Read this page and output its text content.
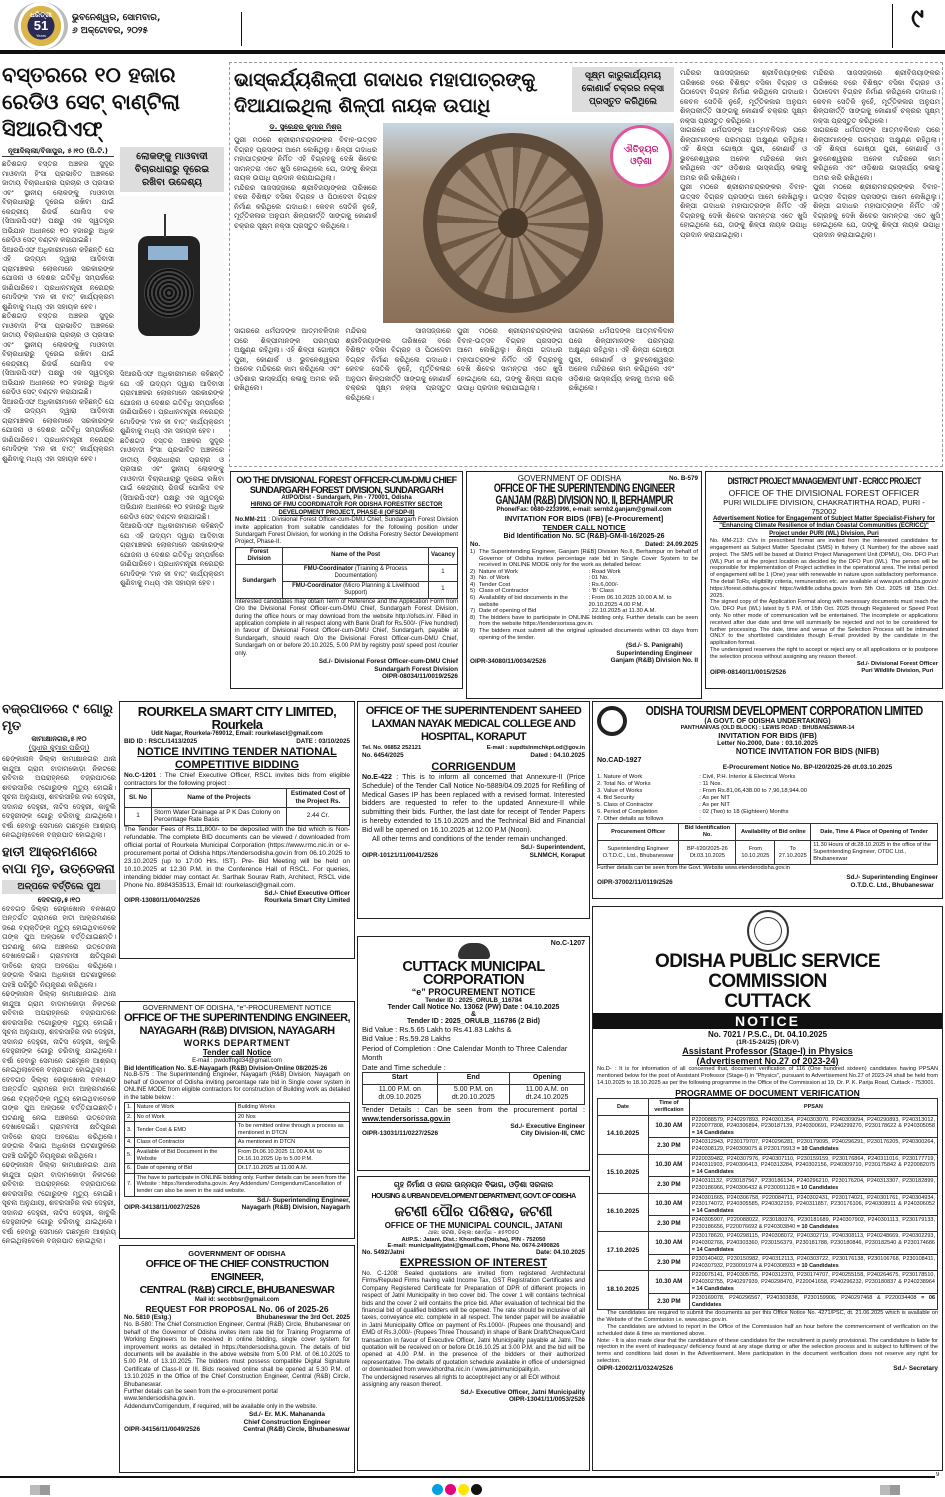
ଧରିତ୍ରୀ
51
Years
ଭୁବନେଶ୍ୱର, ସୋମବାର,
୬ ଅକ୍ଟୋବର, ୨୦୨୫	୯
ବସ୍ତରରେ ୧୦ ହଜାର ରେଡିଓ ସେଟ୍ ବାଣ୍ଟିଲା ସିଆରପିଏଫ୍
ନୂଆଦିଲ୍ଲୀ/ବିଜାପୁର, ୫।୧୦ (ପି.ଟି.)

ଛତିଶଗଡ଼ ବସ୍ତର ଅଞ୍ଚଳର ସୁଦୂର ମାଓବାଦୀ ହିଂସା ପ୍ରଭାବିତ ଅଞ୍ଚଳରେ ଜାତୀୟ ବିଚାରଧାରାର ପ୍ରଚାର ଓ ପ୍ରସାର ଏବଂ ସ୍ଥାନୀୟ ଲୋକଙ୍କୁ ମାଓବାଦୀ ବିଚାରଧାରାରୁ ଦୂରେଇ ରଖିବା ପାଇଁ କେନ୍ଦ୍ରୀୟ ରିଜର୍ଭ ପୋଲିସ ବଳ (ସିଆରପିଏଫ) ପକ୍ଷରୁ ଏକ ସ୍ୱତନ୍ତ୍ର ଅଭିଯାନ ଅଧୀନରେ ୧୦ ହଜାରରୁ ଅଧିକ ରେଡିଓ ସେଟ୍ ବଣ୍ଟନ କରାଯାଇଛି।

ସିଆରପିଏଫ ଅଧିକାରୀମାନେ କହିଛନ୍ତି ଯେ ଏହି ଉଦ୍ୟମ ଦ୍ୱାରା ଆଦିବାସୀ ଗ୍ରାମାଞ୍ଚଳର ଲୋକମାନେ ସରକାରଙ୍କ ଯୋଜନା ଓ ଦେଶର ଗତିବିଧି ସମ୍ପର୍କରେ ଜାଣିପାରିବେ। ପ୍ରଧାନମନ୍ତ୍ରୀ ନରେନ୍ଦ୍ର ମୋଦିଙ୍କ 'ମନ କୀ ବାତ୍' କାର୍ଯ୍ୟକ୍ରମ ଶୁଣିବାକୁ ମଧ୍ୟ ଏହା ସହାୟକ ହେବ।

ଛତିଶଗଡ଼ ବସ୍ତର ଅଞ୍ଚଳର ସୁଦୂର ମାଓବାଦୀ ହିଂସା ପ୍ରଭାବିତ ଅଞ୍ଚଳରେ ଜାତୀୟ ବିଚାରଧାରାର ପ୍ରଚାର ଓ ପ୍ରସାର ଏବଂ ସ୍ଥାନୀୟ ଲୋକଙ୍କୁ ମାଓବାଦୀ ବିଚାରଧାରାରୁ ଦୂରେଇ ରଖିବା ପାଇଁ କେନ୍ଦ୍ରୀୟ ରିଜର୍ଭ ପୋଲିସ ବଳ (ସିଆରପିଏଫ) ପକ୍ଷରୁ ଏକ ସ୍ୱତନ୍ତ୍ର ଅଭିଯାନ ଅଧୀନରେ ୧୦ ହଜାରରୁ ଅଧିକ ରେଡିଓ ସେଟ୍ ବଣ୍ଟନ କରାଯାଇଛି।

ସିଆରପିଏଫ ଅଧିକାରୀମାନେ କହିଛନ୍ତି ଯେ ଏହି ଉଦ୍ୟମ ଦ୍ୱାରା ଆଦିବାସୀ ଗ୍ରାମାଞ୍ଚଳର ଲୋକମାନେ ସରକାରଙ୍କ ଯୋଜନା ଓ ଦେଶର ଗତିବିଧି ସମ୍ପର୍କରେ ଜାଣିପାରିବେ। ପ୍ରଧାନମନ୍ତ୍ରୀ ନରେନ୍ଦ୍ର ମୋଦିଙ୍କ 'ମନ କୀ ବାତ୍' କାର୍ଯ୍ୟକ୍ରମ ଶୁଣିବାକୁ ମଧ୍ୟ ଏହା ସହାୟକ ହେବ।

ଲୋକଙ୍କୁ ମାଓବାଦୀ ବିଚାରଧାରାରୁ ଦୂରେଇ ରଖିବା ଉଦ୍ଦେଶ୍ୟ

ସିଆରପିଏଫ ଅଧିକାରୀମାନେ କହିଛନ୍ତି ଯେ ଏହି ଉଦ୍ୟମ ଦ୍ୱାରା ଆଦିବାସୀ ଗ୍ରାମାଞ୍ଚଳର ଲୋକମାନେ ସରକାରଙ୍କ ଯୋଜନା ଓ ଦେଶର ଗତିବିଧି ସମ୍ପର୍କରେ ଜାଣିପାରିବେ। ପ୍ରଧାନମନ୍ତ୍ରୀ ନରେନ୍ଦ୍ର ମୋଦିଙ୍କ 'ମନ କୀ ବାତ୍' କାର୍ଯ୍ୟକ୍ରମ ଶୁଣିବାକୁ ମଧ୍ୟ ଏହା ସହାୟକ ହେବ।

ଛତିଶଗଡ଼ ବସ୍ତର ଅଞ୍ଚଳର ସୁଦୂର ମାଓବାଦୀ ହିଂସା ପ୍ରଭାବିତ ଅଞ୍ଚଳରେ ଜାତୀୟ ବିଚାରଧାରାର ପ୍ରଚାର ଓ ପ୍ରସାର ଏବଂ ସ୍ଥାନୀୟ ଲୋକଙ୍କୁ ମାଓବାଦୀ ବିଚାରଧାରାରୁ ଦୂରେଇ ରଖିବା ପାଇଁ କେନ୍ଦ୍ରୀୟ ରିଜର୍ଭ ପୋଲିସ ବଳ (ସିଆରପିଏଫ) ପକ୍ଷରୁ ଏକ ସ୍ୱତନ୍ତ୍ର ଅଭିଯାନ ଅଧୀନରେ ୧୦ ହଜାରରୁ ଅଧିକ ରେଡିଓ ସେଟ୍ ବଣ୍ଟନ କରାଯାଇଛି।

ସିଆରପିଏଫ ଅଧିକାରୀମାନେ କହିଛନ୍ତି ଯେ ଏହି ଉଦ୍ୟମ ଦ୍ୱାରା ଆଦିବାସୀ ଗ୍ରାମାଞ୍ଚଳର ଲୋକମାନେ ସରକାରଙ୍କ ଯୋଜନା ଓ ଦେଶର ଗତିବିଧି ସମ୍ପର୍କରେ ଜାଣିପାରିବେ। ପ୍ରଧାନମନ୍ତ୍ରୀ ନରେନ୍ଦ୍ର ମୋଦିଙ୍କ 'ମନ କୀ ବାତ୍' କାର୍ଯ୍ୟକ୍ରମ ଶୁଣିବାକୁ ମଧ୍ୟ ଏହା ସହାୟକ ହେବ।

ଭାସ୍କର୍ଯ୍ୟଶିଳ୍ପୀ ଗଦାଧର ମହାପାତ୍ରଙ୍କୁ ଦିଆଯାଇଥିଲା ଶିଳ୍ପୀ ନାୟକ ଉପାଧି
ସୂକ୍ଷ୍ମ କାରୁକାର୍ଯ୍ୟମୟ କୋଣାର୍କ ଚକ୍ରର ନକ୍ସା ପ୍ରସ୍ତୁତ କରିଥିଲେ
ଡ. ସୁରେନ୍ଦ୍ର କୁମାର ମିଶ୍ର

ପୁରୀ ମଠରେ ଶ୍ରୀରାମଚନ୍ଦ୍ରଙ୍କର ବିବାହ-ଉତ୍ସବ ବିଗ୍ରହ ପ୍ରସଙ୍ଗ ଆମେ ଲେଖିଥିଲୁ। ଶିଳ୍ପୀ ଗଦାଧର ମହାପାତ୍ରଙ୍କ ନିର୍ମିତ ଏହି ବିଗ୍ରହକୁ ଦେଖି ଶିବେର ସାମନ୍ତରା ଏତେ ଖୁସି ହୋଇଥିଲେ ଯେ, ତାଙ୍କୁ ଶିଳ୍ପୀ ନାୟକ ଉପାଧି ପ୍ରଦାନ କରାଯାଇଥିଲା।

ମନ୍ଦିରର ସାଜସଜ୍ଜାରେ ଶ୍ରୀବିଜୟାଙ୍କର ତାରିଖରେ ବରେ ବିଶିଷ୍ଟ ବସିକା ବିଗ୍ରହ ଓ ପିଠାଦେବୀ ବିଗ୍ରହ ନିର୍ମାଣ କରିଥିଲେ ଗଦାଧର। କେବଳ ସେତିକି ନୁହେଁ, ମୂର୍ତ୍ତିକଳାର ଅନୁପମ ଶିଳ୍ପକୀର୍ତ୍ତି ସାଙ୍ଗକୁ କୋଣାର୍କ ଚକ୍ରର ସୂକ୍ଷ୍ମ ନକ୍ସା ପ୍ରସ୍ତୁତ କରିଥିଲେ।

ଐତିହ୍ୟର ଓଡ଼ିଶା

ସାଗରରେ ଧର୍ମପଦଙ୍କ ଆତ୍ମବଳିଦାନ ପରେ ଶିଳ୍ପୀମାନଙ୍କ ପରମ୍ପରା ଅକ୍ଷୁଣ୍ଣ ରହିଥିଲା। ଏହି ଶିଳ୍ପୀ ଗୋଷ୍ଠୀ ପୁରୀ, କୋଣାର୍କ ଓ ଭୁବନେଶ୍ୱରର ଅନେକ ମନ୍ଦିରରେ କାମ କରିଥିଲେ ଏବଂ ଓଡ଼ିଶାର ଭାସ୍କର୍ଯ୍ୟ କଳାକୁ ଅମର କରି ରଖିଥିଲେ।

ମନ୍ଦିରର ସାଜସଜ୍ଜାରେ ଶ୍ରୀବିଜୟାଙ୍କର ତାରିଖରେ ବରେ ବିଶିଷ୍ଟ ବସିକା ବିଗ୍ରହ ଓ ପିଠାଦେବୀ ବିଗ୍ରହ ନିର୍ମାଣ କରିଥିଲେ ଗଦାଧର। କେବଳ ସେତିକି ନୁହେଁ, ମୂର୍ତ୍ତିକଳାର ଅନୁପମ ଶିଳ୍ପକୀର୍ତ୍ତି ସାଙ୍ଗକୁ କୋଣାର୍କ ଚକ୍ରର ସୂକ୍ଷ୍ମ ନକ୍ସା ପ୍ରସ୍ତୁତ କରିଥିଲେ।

ପୁରୀ ମଠରେ ଶ୍ରୀରାମଚନ୍ଦ୍ରଙ୍କର ବିବାହ-ଉତ୍ସବ ବିଗ୍ରହ ପ୍ରସଙ୍ଗ ଆମେ ଲେଖିଥିଲୁ। ଶିଳ୍ପୀ ଗଦାଧର ମହାପାତ୍ରଙ୍କ ନିର୍ମିତ ଏହି ବିଗ୍ରହକୁ ଦେଖି ଶିବେର ସାମନ୍ତରା ଏତେ ଖୁସି ହୋଇଥିଲେ ଯେ, ତାଙ୍କୁ ଶିଳ୍ପୀ ନାୟକ ଉପାଧି ପ୍ରଦାନ କରାଯାଇଥିଲା।

ସାଗରରେ ଧର୍ମପଦଙ୍କ ଆତ୍ମବଳିଦାନ ପରେ ଶିଳ୍ପୀମାନଙ୍କ ପରମ୍ପରା ଅକ୍ଷୁଣ୍ଣ ରହିଥିଲା। ଏହି ଶିଳ୍ପୀ ଗୋଷ୍ଠୀ ପୁରୀ, କୋଣାର୍କ ଓ ଭୁବନେଶ୍ୱରର ଅନେକ ମନ୍ଦିରରେ କାମ କରିଥିଲେ ଏବଂ ଓଡ଼ିଶାର ଭାସ୍କର୍ଯ୍ୟ କଳାକୁ ଅମର କରି ରଖିଥିଲେ।

ମନ୍ଦିରର ସାଜସଜ୍ଜାରେ ଶ୍ରୀବିଜୟାଙ୍କର ତାରିଖରେ ବରେ ବିଶିଷ୍ଟ ବସିକା ବିଗ୍ରହ ଓ ପିଠାଦେବୀ ବିଗ୍ରହ ନିର୍ମାଣ କରିଥିଲେ ଗଦାଧର। କେବଳ ସେତିକି ନୁହେଁ, ମୂର୍ତ୍ତିକଳାର ଅନୁପମ ଶିଳ୍ପକୀର୍ତ୍ତି ସାଙ୍ଗକୁ କୋଣାର୍କ ଚକ୍ରର ସୂକ୍ଷ୍ମ ନକ୍ସା ପ୍ରସ୍ତୁତ କରିଥିଲେ।

ସାଗରରେ ଧର୍ମପଦଙ୍କ ଆତ୍ମବଳିଦାନ ପରେ ଶିଳ୍ପୀମାନଙ୍କ ପରମ୍ପରା ଅକ୍ଷୁଣ୍ଣ ରହିଥିଲା। ଏହି ଶିଳ୍ପୀ ଗୋଷ୍ଠୀ ପୁରୀ, କୋଣାର୍କ ଓ ଭୁବନେଶ୍ୱରର ଅନେକ ମନ୍ଦିରରେ କାମ କରିଥିଲେ ଏବଂ ଓଡ଼ିଶାର ଭାସ୍କର୍ଯ୍ୟ କଳାକୁ ଅମର କରି ରଖିଥିଲେ।

ପୁରୀ ମଠରେ ଶ୍ରୀରାମଚନ୍ଦ୍ରଙ୍କର ବିବାହ-ଉତ୍ସବ ବିଗ୍ରହ ପ୍ରସଙ୍ଗ ଆମେ ଲେଖିଥିଲୁ। ଶିଳ୍ପୀ ଗଦାଧର ମହାପାତ୍ରଙ୍କ ନିର୍ମିତ ଏହି ବିଗ୍ରହକୁ ଦେଖି ଶିବେର ସାମନ୍ତରା ଏତେ ଖୁସି ହୋଇଥିଲେ ଯେ, ତାଙ୍କୁ ଶିଳ୍ପୀ ନାୟକ ଉପାଧି ପ୍ରଦାନ କରାଯାଇଥିଲା।

ମନ୍ଦିରର ସାଜସଜ୍ଜାରେ ଶ୍ରୀବିଜୟାଙ୍କର ତାରିଖରେ ବରେ ବିଶିଷ୍ଟ ବସିକା ବିଗ୍ରହ ଓ ପିଠାଦେବୀ ବିଗ୍ରହ ନିର୍ମାଣ କରିଥିଲେ ଗଦାଧର। କେବଳ ସେତିକି ନୁହେଁ, ମୂର୍ତ୍ତିକଳାର ଅନୁପମ ଶିଳ୍ପକୀର୍ତ୍ତି ସାଙ୍ଗକୁ କୋଣାର୍କ ଚକ୍ରର ସୂକ୍ଷ୍ମ ନକ୍ସା ପ୍ରସ୍ତୁତ କରିଥିଲେ।

ସାଗରରେ ଧର୍ମପଦଙ୍କ ଆତ୍ମବଳିଦାନ ପରେ ଶିଳ୍ପୀମାନଙ୍କ ପରମ୍ପରା ଅକ୍ଷୁଣ୍ଣ ରହିଥିଲା। ଏହି ଶିଳ୍ପୀ ଗୋଷ୍ଠୀ ପୁରୀ, କୋଣାର୍କ ଓ ଭୁବନେଶ୍ୱରର ଅନେକ ମନ୍ଦିରରେ କାମ କରିଥିଲେ ଏବଂ ଓଡ଼ିଶାର ଭାସ୍କର୍ଯ୍ୟ କଳାକୁ ଅମର କରି ରଖିଥିଲେ।

ପୁରୀ ମଠରେ ଶ୍ରୀରାମଚନ୍ଦ୍ରଙ୍କର ବିବାହ-ଉତ୍ସବ ବିଗ୍ରହ ପ୍ରସଙ୍ଗ ଆମେ ଲେଖିଥିଲୁ। ଶିଳ୍ପୀ ଗଦାଧର ମହାପାତ୍ରଙ୍କ ନିର୍ମିତ ଏହି ବିଗ୍ରହକୁ ଦେଖି ଶିବେର ସାମନ୍ତରା ଏତେ ଖୁସି ହୋଇଥିଲେ ଯେ, ତାଙ୍କୁ ଶିଳ୍ପୀ ନାୟକ ଉପାଧି ପ୍ରଦାନ କରାଯାଇଥିଲା।

O/O THE DIVISIONAL FOREST OFFICER-CUM-DMU CHIEF
SUNDARGARH FOREST DIVISION, SUNDARGARH
At/PO/Dist - Sundargarh, Pin - 770001, Odisha
HIRING OF FMU COORDINATOR FOR ODISHA FORESTRY SECTOR DEVELOPMENT PROJECT, PHASE-II (OFSDP-II)
No.MM-211 : Divisional Forest Officer-cum-DMU Chief, Sundargarh Forest Division invite application from suitable candidates for the following position under Sundargarh Forest Division, for working in the Odisha Forestry Sector Development Project, Phase-II.
Forest Division	Name of the Post	Vacancy
Sundargarh	FMU-Coordinator (Training & Process Documentation)	1
	FMU-Coordinator (Micro Planning & Livelihood Support)	1
Interested candidates may obtain Term of Reference and the Application Form from O/o the Divisional Forest Officer-cum-DMU Chief, Sundargarh Forest Division, during the office hours or may download from the website http://ofsds.in/. Filled in application complete in all respect along with Bank Draft for Rs.500/- (Five hundred) in favour of Divisional Forest Officer-cum-DMU Chief, Sundargarh, payable at Sundargarh, should reach O/o the Divisional Forest Officer-cum-DMU Chief, Sundargarh on or before 20.10.2025, 5.00 P.M by registry post/ speed post /courier only.
Sd./- Divisional Forest Officer-cum-DMU Chief
Sundargarh Forest Division
OIPR-08034/11/0019/2526
GOVERNMENT OF ODISHA	No. B-579
OFFICE OF THE SUPERINTENDING ENGINEER
GANJAM (R&B) DIVISION NO. II, BERHAMPUR
Phone/Fax: 0680-2233996, e-mail: sernb2.ganjam@gmail.com
INVITATION FOR BIDS (IFB) [e-Procurement]
TENDER CALL NOTICE
Bid Identification No. SC (R&B)-GM-II-16/2025-26
No.	Dated: 24.09.2025
1) The Superintending Engineer, Ganjam [R&B] Division No.II, Berhampur on behalf of Governor of Odisha invites percentage rate bid in Single Cover System to be received in ONLINE MODE only for the work as detailed below:
2) Nature of Work	: Road Work
3) No. of Work	: 01 No.
4) Tender Cost	: Rs.6,000/-
5) Class of Contractor	: 'B' Class
6) Availability of bid documents in the website
: From 06.10.2025 10.00 A.M. to 20.10.2025 4.00 P.M.
7) Date of opening of Bid	: 22.10.2025 at 11.30 A.M.
8) The bidders have to participate in ONLINE bidding only. Further details can be seen from the website https://tendersorissa.gov.in.
9) The bidders must submit all the original uploaded documents within 03 days from opening of the tender.
OIPR-34080/11/0034/2526
(Sd./- S. Panigrahi)
Superintending Engineer
Ganjam (R&B) Division No. II
DISTRICT PROJECT MANAGEMENT UNIT - ECRICC PROJECT
OFFICE OF THE DIVISIONAL FOREST OFFICER
PURI WILDLIFE DIVISION, CHAKRATIRTHA ROAD, PURI - 752002
Advertisement Notice for Engagement of Subject Matter Specialist-Fishery for "Enhancing Climate Resilience of Indian Coastal Communities (ECRICC)" Project under PURI (WL) Division, Puri
No. MM-213: CVs in prescribed format are invited from the interested candidates for engagement as Subject Matter Specialist (SMS) in fishery (1 Number) for the above said project. The SMS will be based at District Project Management Unit (DPMU), O/o. DFO Puri (WL) Puri or at the project location as decided by the DFO Puri (WL). The person will be responsible for implementation of Project activities in the operational area. The initial period of engagement will be 1 (One) year with renewable in nature upon satisfactory performance. The detail ToRs, eligibility criteria, remuneration etc. are available at www.puri.odisha.gov.in/ https://forest.odisha.gov.in/ https://wildlife.odisha.gov.in from 5th Oct. 2025 till 15th Oct. 2025.
The signed copy of the Application Format along with necessary documents must reach the O/o. DFO Puri (WL) latest by 5 P.M. of 15th Oct. 2025 through Registered or Speed Post only. No other mode of communication will be entertained. The incomplete or applications received after due date and time will summarily be rejected and not to be considered for further processing. The date, time and venue of the Selection Process will be intimated ONLY to the shortlisted candidates though E-mail provided by the candidate in the application format.
The undersigned reserves the right to accept or reject any or all applications or to postpone the selection process without assigning any reason thereof.
OIPR-08140/11/0015/2526
Sd./- Divisional Forest Officer
Puri Wildlife Division, Puri
ବଜ୍ରପାତରେ ୯ ଗୋରୁ ମୃତ
କାମାକ୍ଷାନଗର,୫।୧୦
(ସୁଧୀର କୁମାର ପରିଡ଼ା)

ଢେଙ୍କାନାଳ ଜିଲ୍ଲା କାମାକ୍ଷାନଗର ଥାନା କାନ୍ଦୁଆ ଗ୍ରାମ ବାଦାମକୋଡ଼ା ନିକଟରେ ରବିବାର ଅପରାହ୍ନରେ ବଜ୍ରପାତରେ ଶବରସାହିର ୯ଗୋରୁଙ୍କ ମୃତ୍ୟୁ ହୋଇଛି। ସୂଚନା ଅନୁଯାୟୀ, ଶବରସାହିର ନର ଦେହୁରୀ, ସଦାନନ୍ଦ ଦେହୁରୀ, ନାଟିସ ଦେହୁରୀ, କାବୁଲି ଦେହୁରୀଙ୍କ ଗୋରୁ ଚରିବାକୁ ଯାଇଥିଲେ। ବର୍ଷା ହେବାରୁ ସେମାନେ ଗଛମୂଳେ ଆଶ୍ରୟ ନେଇଥିଲାବେଳେ ବଜ୍ରପାତ ହୋଇଥିଲା।

ହାତୀ ଆକ୍ରମଣରେ ବାପା ମୃତ, ଉତ୍ତେଜନା
ଅଳ୍ପକେ ବର୍ତ୍ତିଲେ ପୁଅ
ଦେବଗଡ଼,୫।୧୦

ଦେବଗଡ଼ ଜିଲ୍ଲା ରେଢ଼ାଖୋଲ ବନଖଣ୍ଡ ଅନ୍ତର୍ଗତ ଗ୍ରାମରେ ହାତୀ ଆକ୍ରମଣରେ ଜଣେ ବ୍ୟକ୍ତିଙ୍କ ମୃତ୍ୟୁ ହୋଇଥିବାବେଳେ ତାଙ୍କ ପୁଅ ଅଳ୍ପକେ ବର୍ତ୍ତିଯାଇଛନ୍ତି। ଘଟଣାକୁ ନେଇ ଅଞ୍ଚଳରେ ଉତ୍ତେଜନା ଦେଖାଦେଇଛି। ଗ୍ରାମବାସୀ କ୍ଷତିପୂରଣ ଦାବିରେ ରାସ୍ତା ଅବରୋଧ କରିଥିଲେ। ଜଙ୍ଗଲ ବିଭାଗ ଅଧିକାରୀ ଘଟଣାସ୍ଥଳରେ ପହଞ୍ଚି ପରିସ୍ଥିତି ନିୟନ୍ତ୍ରଣ କରିଥିଲେ।

ଢେଙ୍କାନାଳ ଜିଲ୍ଲା କାମାକ୍ଷାନଗର ଥାନା କାନ୍ଦୁଆ ଗ୍ରାମ ବାଦାମକୋଡ଼ା ନିକଟରେ ରବିବାର ଅପରାହ୍ନରେ ବଜ୍ରପାତରେ ଶବରସାହିର ୯ଗୋରୁଙ୍କ ମୃତ୍ୟୁ ହୋଇଛି। ସୂଚନା ଅନୁଯାୟୀ, ଶବରସାହିର ନର ଦେହୁରୀ, ସଦାନନ୍ଦ ଦେହୁରୀ, ନାଟିସ ଦେହୁରୀ, କାବୁଲି ଦେହୁରୀଙ୍କ ଗୋରୁ ଚରିବାକୁ ଯାଇଥିଲେ। ବର୍ଷା ହେବାରୁ ସେମାନେ ଗଛମୂଳେ ଆଶ୍ରୟ ନେଇଥିଲାବେଳେ ବଜ୍ରପାତ ହୋଇଥିଲା।

ଦେବଗଡ଼ ଜିଲ୍ଲା ରେଢ଼ାଖୋଲ ବନଖଣ୍ଡ ଅନ୍ତର୍ଗତ ଗ୍ରାମରେ ହାତୀ ଆକ୍ରମଣରେ ଜଣେ ବ୍ୟକ୍ତିଙ୍କ ମୃତ୍ୟୁ ହୋଇଥିବାବେଳେ ତାଙ୍କ ପୁଅ ଅଳ୍ପକେ ବର୍ତ୍ତିଯାଇଛନ୍ତି। ଘଟଣାକୁ ନେଇ ଅଞ୍ଚଳରେ ଉତ୍ତେଜନା ଦେଖାଦେଇଛି। ଗ୍ରାମବାସୀ କ୍ଷତିପୂରଣ ଦାବିରେ ରାସ୍ତା ଅବରୋଧ କରିଥିଲେ। ଜଙ୍ଗଲ ବିଭାଗ ଅଧିକାରୀ ଘଟଣାସ୍ଥଳରେ ପହଞ୍ଚି ପରିସ୍ଥିତି ନିୟନ୍ତ୍ରଣ କରିଥିଲେ।

ଢେଙ୍କାନାଳ ଜିଲ୍ଲା କାମାକ୍ଷାନଗର ଥାନା କାନ୍ଦୁଆ ଗ୍ରାମ ବାଦାମକୋଡ଼ା ନିକଟରେ ରବିବାର ଅପରାହ୍ନରେ ବଜ୍ରପାତରେ ଶବରସାହିର ୯ଗୋରୁଙ୍କ ମୃତ୍ୟୁ ହୋଇଛି। ସୂଚନା ଅନୁଯାୟୀ, ଶବରସାହିର ନର ଦେହୁରୀ, ସଦାନନ୍ଦ ଦେହୁରୀ, ନାଟିସ ଦେହୁରୀ, କାବୁଲି ଦେହୁରୀଙ୍କ ଗୋରୁ ଚରିବାକୁ ଯାଇଥିଲେ। ବର୍ଷା ହେବାରୁ ସେମାନେ ଗଛମୂଳେ ଆଶ୍ରୟ ନେଇଥିଲାବେଳେ ବଜ୍ରପାତ ହୋଇଥିଲା।

ROURKELA SMART CITY LIMITED, Rourkela
Udit Nagar, Rourkela-769012, Email: rourkelascl@gmail.com
BID ID : RSCL/1413/2025	DATE : 03/10/2025
NOTICE INVITING TENDER NATIONAL COMPETITIVE BIDDING
No.C-1201 : The Chief Executive Officer, RSCL invites bids from eligible contractors for the following project :
Sl. No	Name of the Projects	Estimated Cost of the Project Rs.
1	Storm Water Drainage at P K Das Colony on Percentage Rate Basis	2.44 Cr.
The Tender Fees of Rs.11,800/- to be deposited with the bid which is Non-refundable. The complete BID documents can be viewed / downloaded from official portal of Rourkela Municipal Corporation (https://www.rmc.nic.in or e-procurement portal of Odisha https://tendersodisha.gov.in from 06.10.2025 to 23.10.2025 (up to 17:00 Hrs. IST). Pre- Bid Meeting will be held on 10.10.2025 at 12.30 P.M. in the Conference Hall of RSCL. For queries, intending bidder may contact Ar. Sarthak Sourav Rath, Architect, RSCL vide Phone No. 8984353513, Email Id: rourkelascl@gmail.com.
Sd./- Chief Executive Officer
OIPR-13080/11/0040/2526	Rourkela Smart City Limited
OFFICE OF THE SUPERINTENDENT SAHEED LAXMAN NAYAK MEDICAL COLLEGE AND HOSPITAL, KORAPUT
Tel. No. 06852 252121	E-mail : supdtslnmchkpt.od@gov.in
No. 6454/2025	Dated : 04.10.2025
CORRIGENDUM
No.E-422 : This is to inform all concerned that Annexure-II (Price Schedule) of the Tender Call Notice No-5889/04.09.2025 for Refilling of Medical Gases IP has been replaced with a revised format. Interested bidders are requested to refer to the updated Annexure-II while submitting their bids. Further, the last date for receipt of Tender Papers is hereby extended to 15.10.2025 and the Technical Bid and Financial Bid will be opened on 16.10.2025 at 12.00 P.M (Noon).
All other terms and conditions of the tender remain unchanged.
Sd./- Superintendent,
OIPR-10121/11/0041/2526	SLNMCH, Koraput
ODISHA TOURISM DEVELOPMENT CORPORATION LIMITED
(A GOVT. OF ODISHA UNDERTAKING)
PANTHANIVAS (OLD BLOCK) : LEWIS ROAD : BHUBANESWAR-14
INVITATION FOR BIDS (IFB)
Letter No.2000, Date : 03.10.2025
No.CAD-1927
NOTICE INVITATION FOR BIDS (NIFB)
E-Procurement Notice No. BP-I/20/2025-26 dt.03.10.2025
1. Nature of Work	: Civil, P.H. Interior & Electrical Works
2. Total No. of Works	: 11 Nos.
3. Value of Works	: From Rs.81,06,438.00 to 7,96,18,944.00
4. Bid Security	: As per NIT
5. Class of Contractor	: As per NIT
6. Period of Completion	: 02 (Two) to 18 (Eighteen) Months
7. Other details as follows	:
Procurement Officer	Bid Identification No.	Availability of Bid online		Date, Time & Place of Opening of Tender
Superintending Engineer O.T.D.C., Ltd., Bhubaneswar	BP-I/20/2025-26 Dt.03.10.2025	From 10.10.2025	To 27.10.2025	11.30 Hours of dt.28.10.2025 in the office of the Superintending Engineer, OTDC Ltd., Bhubaneswar
Further details can be seen from the Govt. Website www.etenderodisha.gov.in
OIPR-37002/11/0119/2526
Sd./- Superintending Engineer
O.T.D.C. Ltd., Bhubaneswar
No.C-1207
CUTTACK MUNICIPAL CORPORATION
“e” PROCUREMENT NOTICE
Tender ID : 2025_ORULB_116784
Tender Call Notice No. 13062 (PW) Date : 04.10.2025
&
Tender ID : 2025_ORULB_116786 (2 Bid)
Bid Value : Rs.5.65 Lakh to Rs.41.83 Lakhs &
Bid Value : Rs.59.28 Lakhs
Period of Completion : One Calendar Month to Three Calendar Month
Date and Time schedule :
Start	End	Opening
11.00 P.M. on dt.09.10.2025	5.00 P.M. on dt.20.10.2025	11.00 A.M. on dt.24.10.2025
Tender Details : Can be seen from the procurement portal : www.tendersorissa.gov.in
Sd./- Executive Engineer
OIPR-13031/11/0227/2526	City Division-III, CMC
ODISHA PUBLIC SERVICE COMMISSION
CUTTACK
NOTICE
No. 7021 / P.S.C., Dt. 04.10.2025
(1R-15-24/25) (DR-V)
Assistant Professor (Stage-I) in Physics
(Advertisement No.27 of 2023-24)
No.D- : It is for information of all concerned that, document verification of 116 (One hundred sixteen) candidates having PPSAN mentioned below for the post of Assistant Professor (Stage-I) in "Physics", pursuant to Advertisement No.27 of 2023-24 shall be held from 14.10.2025 to 18.10.2025 as per the following programme in the Office of the Commission at 19, Dr. P. K. Parija Road, Cuttack - 753001.
PROGRAMME OF DOCUMENT VERIFICATION
Date	Time of verification	PPSAN
14.10.2025	10.30 AM	P220088579, P240297893, P240301354, P240303070, P240309094, P240290893, P240313012, P220077808, P240306894, P230187139, P240300691, P240299270, P230178622 & P240305058 = 14 Candidates
	2.30 PM	P240312943, P230179707, P240296281, P230179095, P240296291, P230176205, P240300264, P240308129, P240309075 & P230179913 = 10 Candidates
15.10.2025	10.30 AM	P220039482, P240307976, P240307110, P230159159, P230176864, P240311016, P230177719, P240311903, P240306413, P240313284, P240302156, P240309710, P230175842 & P220082075 = 14 Candidates
	2.30 PM	P240311132, P230187567, P230186134, P240296210, P230176204, P240313307, P230182899, P230186966, P240306432 & P230091128 = 10 Candidates
16.10.2025	10.30 AM	P240301665, P240306758, P220084711, P240302431, P230174021, P240301761, P240304934, P230174072, P240305585, P240302159, P240311857, P230176106, P240308911 & P240306052 = 14 Candidates
	2.30 PM	P240305907, P220088022, P230180376, P230181689, P240307902, P240301113, P230179133, P230186656, P220076692 & P240303840 = 10 Candidates
17.10.2025	10.30 AM	P230178620, P240298115, P240308072, P240302719, P240308113, P240248669, P240302293, P240302766, P240303360, P230156379, P230181788, P230180846, P230182540 & P230174686 = 14 Candidates
	2.30 PM	P230140402, P230150982, P240312113, P240303722, P230176138, P230106768, P230108411, P240307932, P230091974 & P240308933 = 10 Candidates
18.10.2025	10.30 AM	P220075141, P240305755, P240312370, P230174707, P240255158, P240264675, P230178510, P240302755, P240297939, P240298470, P220041658, P240296232, P230180837 & P240238964 = 14 Candidates
	2.30 PM	P230169078, P240296567, P240303838, P230159906, P240297468 & P220034408 = 06 Candidates
The candidates are required to submit the documents as per this Office Notice No. 4271/PSC, dt. 21.06.2025 which is available on the Website of the Commission i.e. www.opsc.gov.in.
The candidates are advised to report in the Office of the Commission half an hour before the commencement of verification on the scheduled date & time as mentioned above.
Note: - It is also made clear that the candidature of these candidates for the recruitment is purely provisional. The candidature is liable for rejection in the event of inadequacy/ deficiency found at any stage during or after the selection process and is subject to fulfilment of the terms and conditions laid down in the Advertisement. Mere participation in the document verification does not reserve any right for selection.
OIPR-12002/11/0324/2526	Sd./- Secretary
GOVERNMENT OF ODISHA, "e"-PROCUREMENT NOTICE
OFFICE OF THE SUPERINTENDING ENGINEER,
NAYAGARH (R&B) DIVISION, NAYAGARH
WORKS DEPARTMENT
Tender call Notice
E-mail : pwdoffngd34@gmail.com
Bid Identification No. S.E-Nayagarh (R&B) Division-Online 08/2025-26
No.B-575 : The Superintending Engineer, Nayagarh (R&B) Division, Nayagarh on behalf of Governor of Odisha inviting percentage rate bid in Single cover system in ONLINE MODE from eligible contractors for construction of Building work as detailed in the table below :
1.	Nature of Work	Building Works
2.	No of Work	20 Nos
3.	Tender Cost & EMD	To be remitted online through a process as mentioned in DTCN
4.	Class of Contractor	As mentioned in DTCN
5.	Available of Bid Document in the Website	From Dt.06.10.2025 11.00 A.M. to Dt.16.10.2025 Up to 5.00 P.M.
6.	Date of opening of Bid	Dt.17.10.2025 at 11.00 A.M.
7.	The have to participate in ONLINE bidding only. Further details can be seen from the Website : https://tenderodisha.gov.in. Any Addendum/ Corrigendum/Cancellation of tender can also be seen in the said website.	
Sd./- Superintending Engineer,
OIPR-34138/11/0027/2526	Nayagarh (R&B) Division, Nayagarh
GOVERNMENT OF ODISHA
OFFICE OF THE CHIEF CONSTRUCTION ENGINEER,
CENTRAL (R&B) CIRCLE, BHUBANESWAR
Mail id: seccbbsr@gmail.com
REQUEST FOR PROPOSAL No. 06 of 2025-26
No. 5810 (Estg.)	Bhubaneswar the 3rd Oct. 2025
No. B-580: The Chief Construction Engineer, Central (R&B) Circle, Bhubaneswar on behalf of the Governor of Odisha invites item rate bid for Training Programme of Working Engineers to be received in online bidding, single cover system for improvement works as detailed in https://tendersodisha.gov.in. The details of bid documents will be available in the above website from 5.00 P.M. of 06.10.2025 to 5.00 P.M. of 13.10.2025. The bidders must possess compatible Digital Signature Certificate of Class-II or III. Bids received online shall be opened at 5.30 P.M. of 13.10.2025 in the Office of the Chief Construction Engineer, Central (R&B) Circle, Bhubaneswar.
Further details can be seen from the e-procurement portal www.tendersodisha.gov.in.
Addendum/Corrigendum, if required, will be available only in the website.
Sd./- Er. M.K. Mahananda
Chief Construction Engineer
OIPR-34156/11/0049/2526	Central (R&B) Circle, Bhubaneswar
ଗୃହ ନିର୍ମାଣ ଓ ନଗର ଉନ୍ନୟନ ବିଭାଗ, ଓଡ଼ିଶା ସରକାର
HOUSING & URBAN DEVELOPMENT DEPARTMENT, GOVT. OF ODISHA
ଜଟଣୀ ପୌର ପରିଷଦ, ଜଟଣୀ
OFFICE OF THE MUNICIPAL COUNCIL, JATANI
ଥାନା: ଜଟଣୀ, ଜିଲ୍ଲା: ଖୋର୍ଦ୍ଧା – ୭୫୨୦୫୦
At/P.S.: Jatani, Dist.: Khordha (Odisha), PIN - 752050
E-mail: municipalityjatni@gmail.com, Phone No. 0674-2490826
No. 5492/Jatni	Date: 04.10.2025
EXPRESSION OF INTEREST
No. C-1208: Sealed quotations are invited from registered Architectural Firms/Reputed Firms having valid Income Tax, GST Registration Certificates and Company Registered Certificate for Preparation of DPR of different projects in respect of Jatni Municipality in two cover bid. The cover 1 will contains technical bids and the cover 2 will contains the price bid. After evaluation of technical bid the financial bid of qualified bidders will be opened. The rate should be inclusive of all taxes, conveyance etc. complete in all respect. The tender paper will be available in Jatni Municipality Office on payment of Rs.1000/- (Rupees one thousand) and EMD of Rs.3,000/- (Rupees Three Thousand) in shape of Bank Draft/Cheque/Card transaction in favour of Executive Officer, Jatni Municipality payable at Jatni. The quotation will be received on or before Dt.16.10.25 at 3.00 P.M. and the bid will be opened at 4.00 P.M. in the presence of the bidders or their authorized representative. The details of quotation schedule available in office of undersigned or downloaded from www.khordha.nic.in / www.jatnimunicipality.in.
The undersigned reserves all rights to accept/reject any or all EOI without assigning any reason thereof.
Sd./- Executive Officer, Jatni Municipality
OIPR-13041/11/0053/2526
9
